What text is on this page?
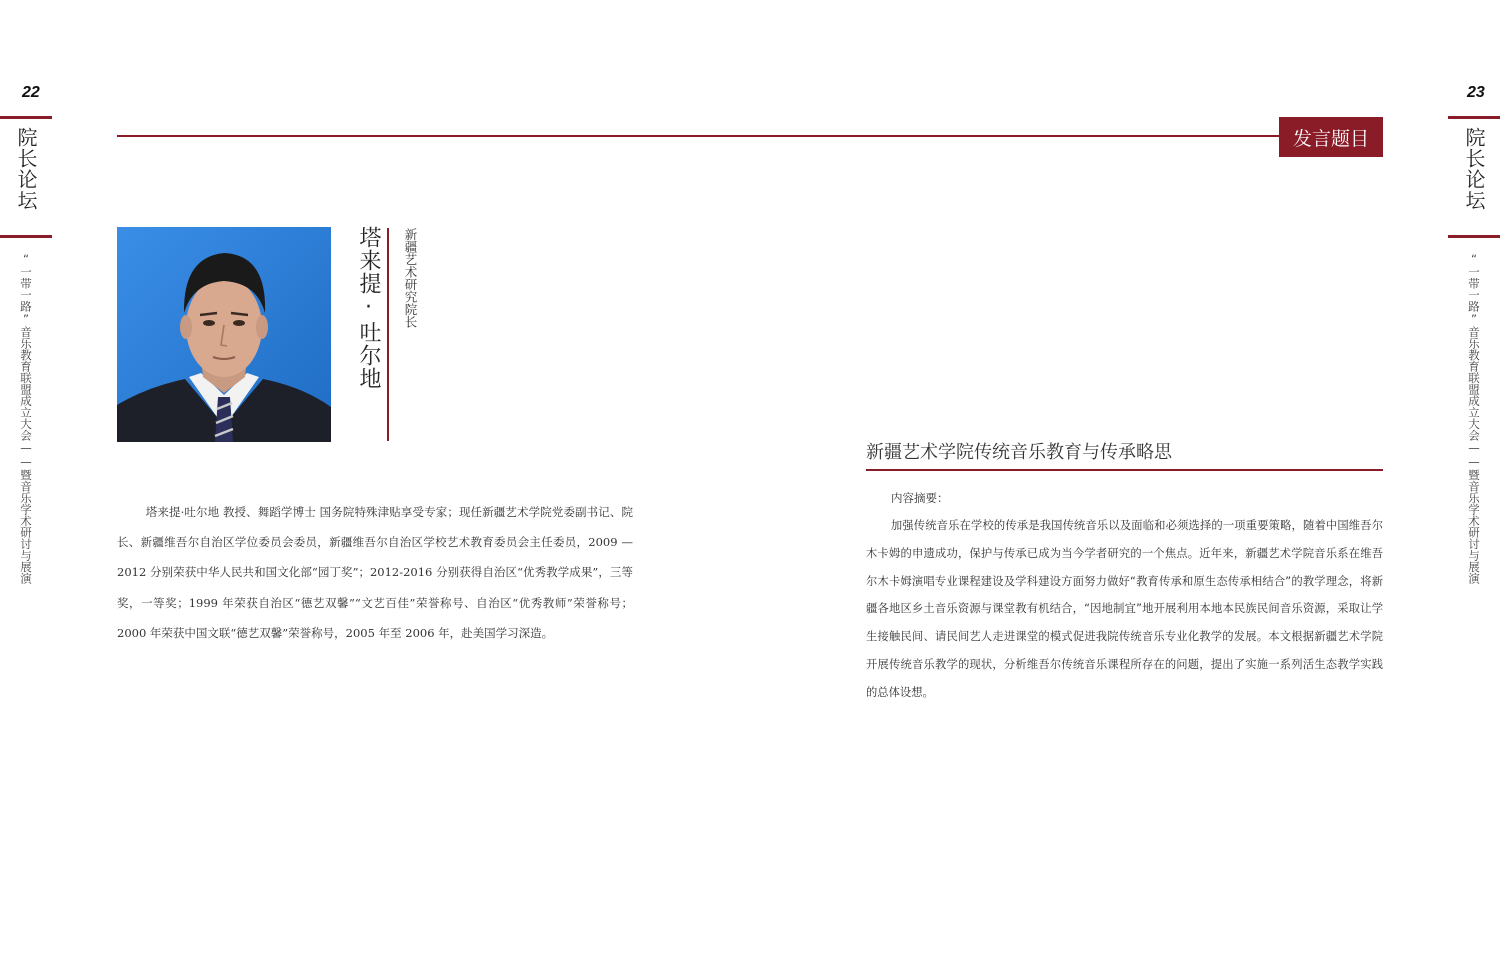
22	23
院长论坛
“一带一路”音乐教育联盟成立大会——暨音乐学术研讨与展演
院长论坛
“一带一路”音乐教育联盟成立大会——暨音乐学术研讨与展演
发言题目
塔来提·吐尔地 新疆艺术研究院长
塔来提·吐尔地 教授、舞蹈学博士 国务院特殊津贴享受专家；现任新疆艺术学院党委副书记、院长、新疆维吾尔自治区学位委员会委员，新疆维吾尔自治区学校艺术教育委员会主任委员，2009 — 2012 分别荣获中华人民共和国文化部“园丁奖”；2012-2016 分别获得自治区“优秀教学成果”，三等奖，一等奖；1999 年荣获自治区“德艺双馨”“文艺百佳”荣誉称号、自治区“优秀教师”荣誉称号；2000 年荣获中国文联“德艺双馨”荣誉称号，2005 年至 2006 年，赴美国学习深造。
新疆艺术学院传统音乐教育与传承略思
内容摘要：
加强传统音乐在学校的传承是我国传统音乐以及面临和必须选择的一项重要策略，随着中国维吾尔木卡姆的申遗成功，保护与传承已成为当今学者研究的一个焦点。近年来，新疆艺术学院音乐系在维吾尔木卡姆演唱专业课程建设及学科建设方面努力做好“教育传承和原生态传承相结合”的教学理念，将新疆各地区乡土音乐资源与课堂教有机结合，“因地制宜”地开展利用本地本民族民间音乐资源，采取让学生接触民间、请民间艺人走进课堂的模式促进我院传统音乐专业化教学的发展。本文根据新疆艺术学院开展传统音乐教学的现状，分析维吾尔传统音乐课程所存在的问题，提出了实施一系列活生态教学实践的总体设想。
